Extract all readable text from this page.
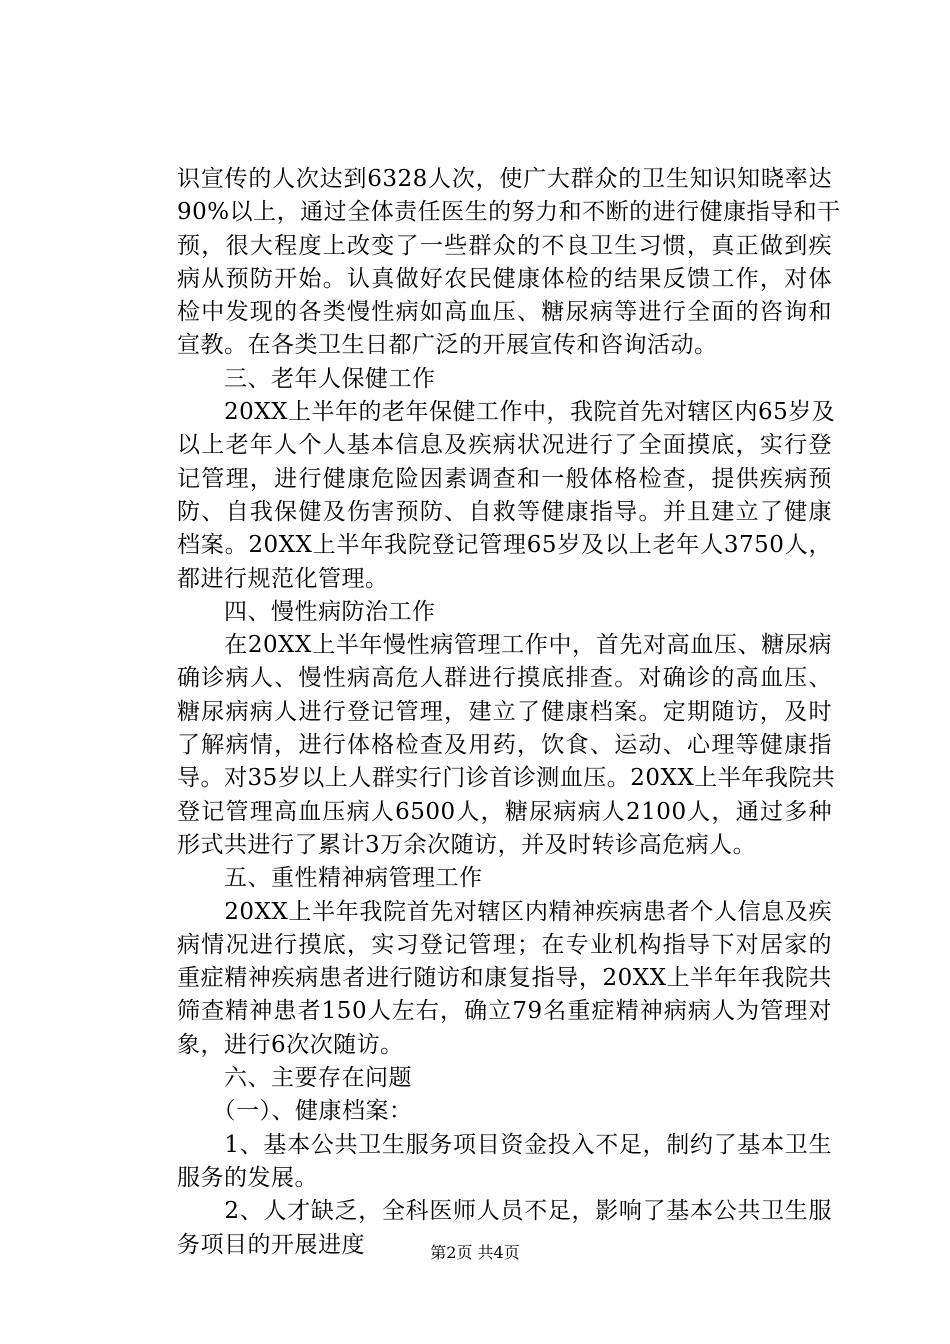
识宣传的人次达到6328人次，使广大群众的卫生知识知晓率达
90%以上，通过全体责任医生的努力和不断的进行健康指导和干
预，很大程度上改变了一些群众的不良卫生习惯，真正做到疾
病从预防开始。认真做好农民健康体检的结果反馈工作，对体
检中发现的各类慢性病如高血压、糖尿病等进行全面的咨询和
宣教。在各类卫生日都广泛的开展宣传和咨询活动。
　　三、老年人保健工作
　　20XX上半年的老年保健工作中，我院首先对辖区内65岁及
以上老年人个人基本信息及疾病状况进行了全面摸底，实行登
记管理，进行健康危险因素调查和一般体格检查，提供疾病预
防、自我保健及伤害预防、自救等健康指导。并且建立了健康
档案。20XX上半年我院登记管理65岁及以上老年人3750人，
都进行规范化管理。
　　四、慢性病防治工作
　　在20XX上半年慢性病管理工作中，首先对高血压、糖尿病
确诊病人、慢性病高危人群进行摸底排查。对确诊的高血压、
糖尿病病人进行登记管理，建立了健康档案。定期随访，及时
了解病情，进行体格检查及用药，饮食、运动、心理等健康指
导。对35岁以上人群实行门诊首诊测血压。20XX上半年我院共
登记管理高血压病人6500人，糖尿病病人2100人，通过多种
形式共进行了累计3万余次随访，并及时转诊高危病人。
　　五、重性精神病管理工作
　　20XX上半年我院首先对辖区内精神疾病患者个人信息及疾
病情况进行摸底，实习登记管理；在专业机构指导下对居家的
重症精神疾病患者进行随访和康复指导，20XX上半年年我院共
筛查精神患者150人左右，确立79名重症精神病病人为管理对
象，进行6次次随访。
　　六、主要存在问题
　　（一）、健康档案：
　　1、基本公共卫生服务项目资金投入不足，制约了基本卫生
服务的发展。
　　2、人才缺乏，全科医师人员不足，影响了基本公共卫生服
务项目的开展进度	第2页 共4页
